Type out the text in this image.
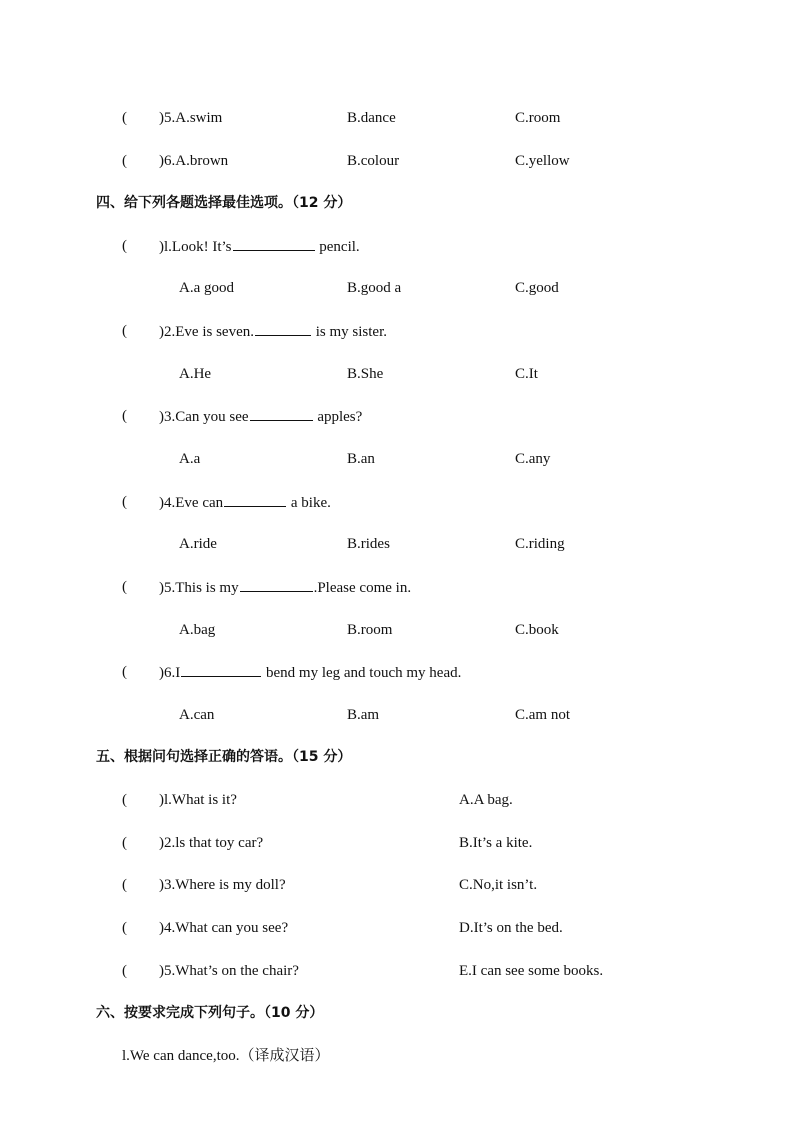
( )5.A.swim	B.dance	C.room
( )6.A.brown	B.colour	C.yellow
四、给下列各题选择最佳选项。（12 分）
( )l.Look! It’s	pencil.
A.a good	B.good a	C.good
( )2.Eve is seven.	is my sister.
A.He	B.She	C.It
( )3.Can you see	apples?
A.a	B.an	C.any
( )4.Eve can	a bike.
A.ride	B.rides	C.riding
( )5.This is my	.Please come in.
A.bag	B.room	C.book
( )6.I	bend my leg and touch my head.
A.can	B.am	C.am not
五、根据问句选择正确的答语。（15 分）
( )l.What is it?	A.A bag.
( )2.ls that toy car?	B.It’s a kite.
( )3.Where is my doll?	C.No,it isn’t.
( )4.What can you see?	D.It’s on the bed.
( )5.What’s on the chair?	E.I can see some books.
六、按要求完成下列句子。（10 分）
l.We can dance,too.（译成汉语）
